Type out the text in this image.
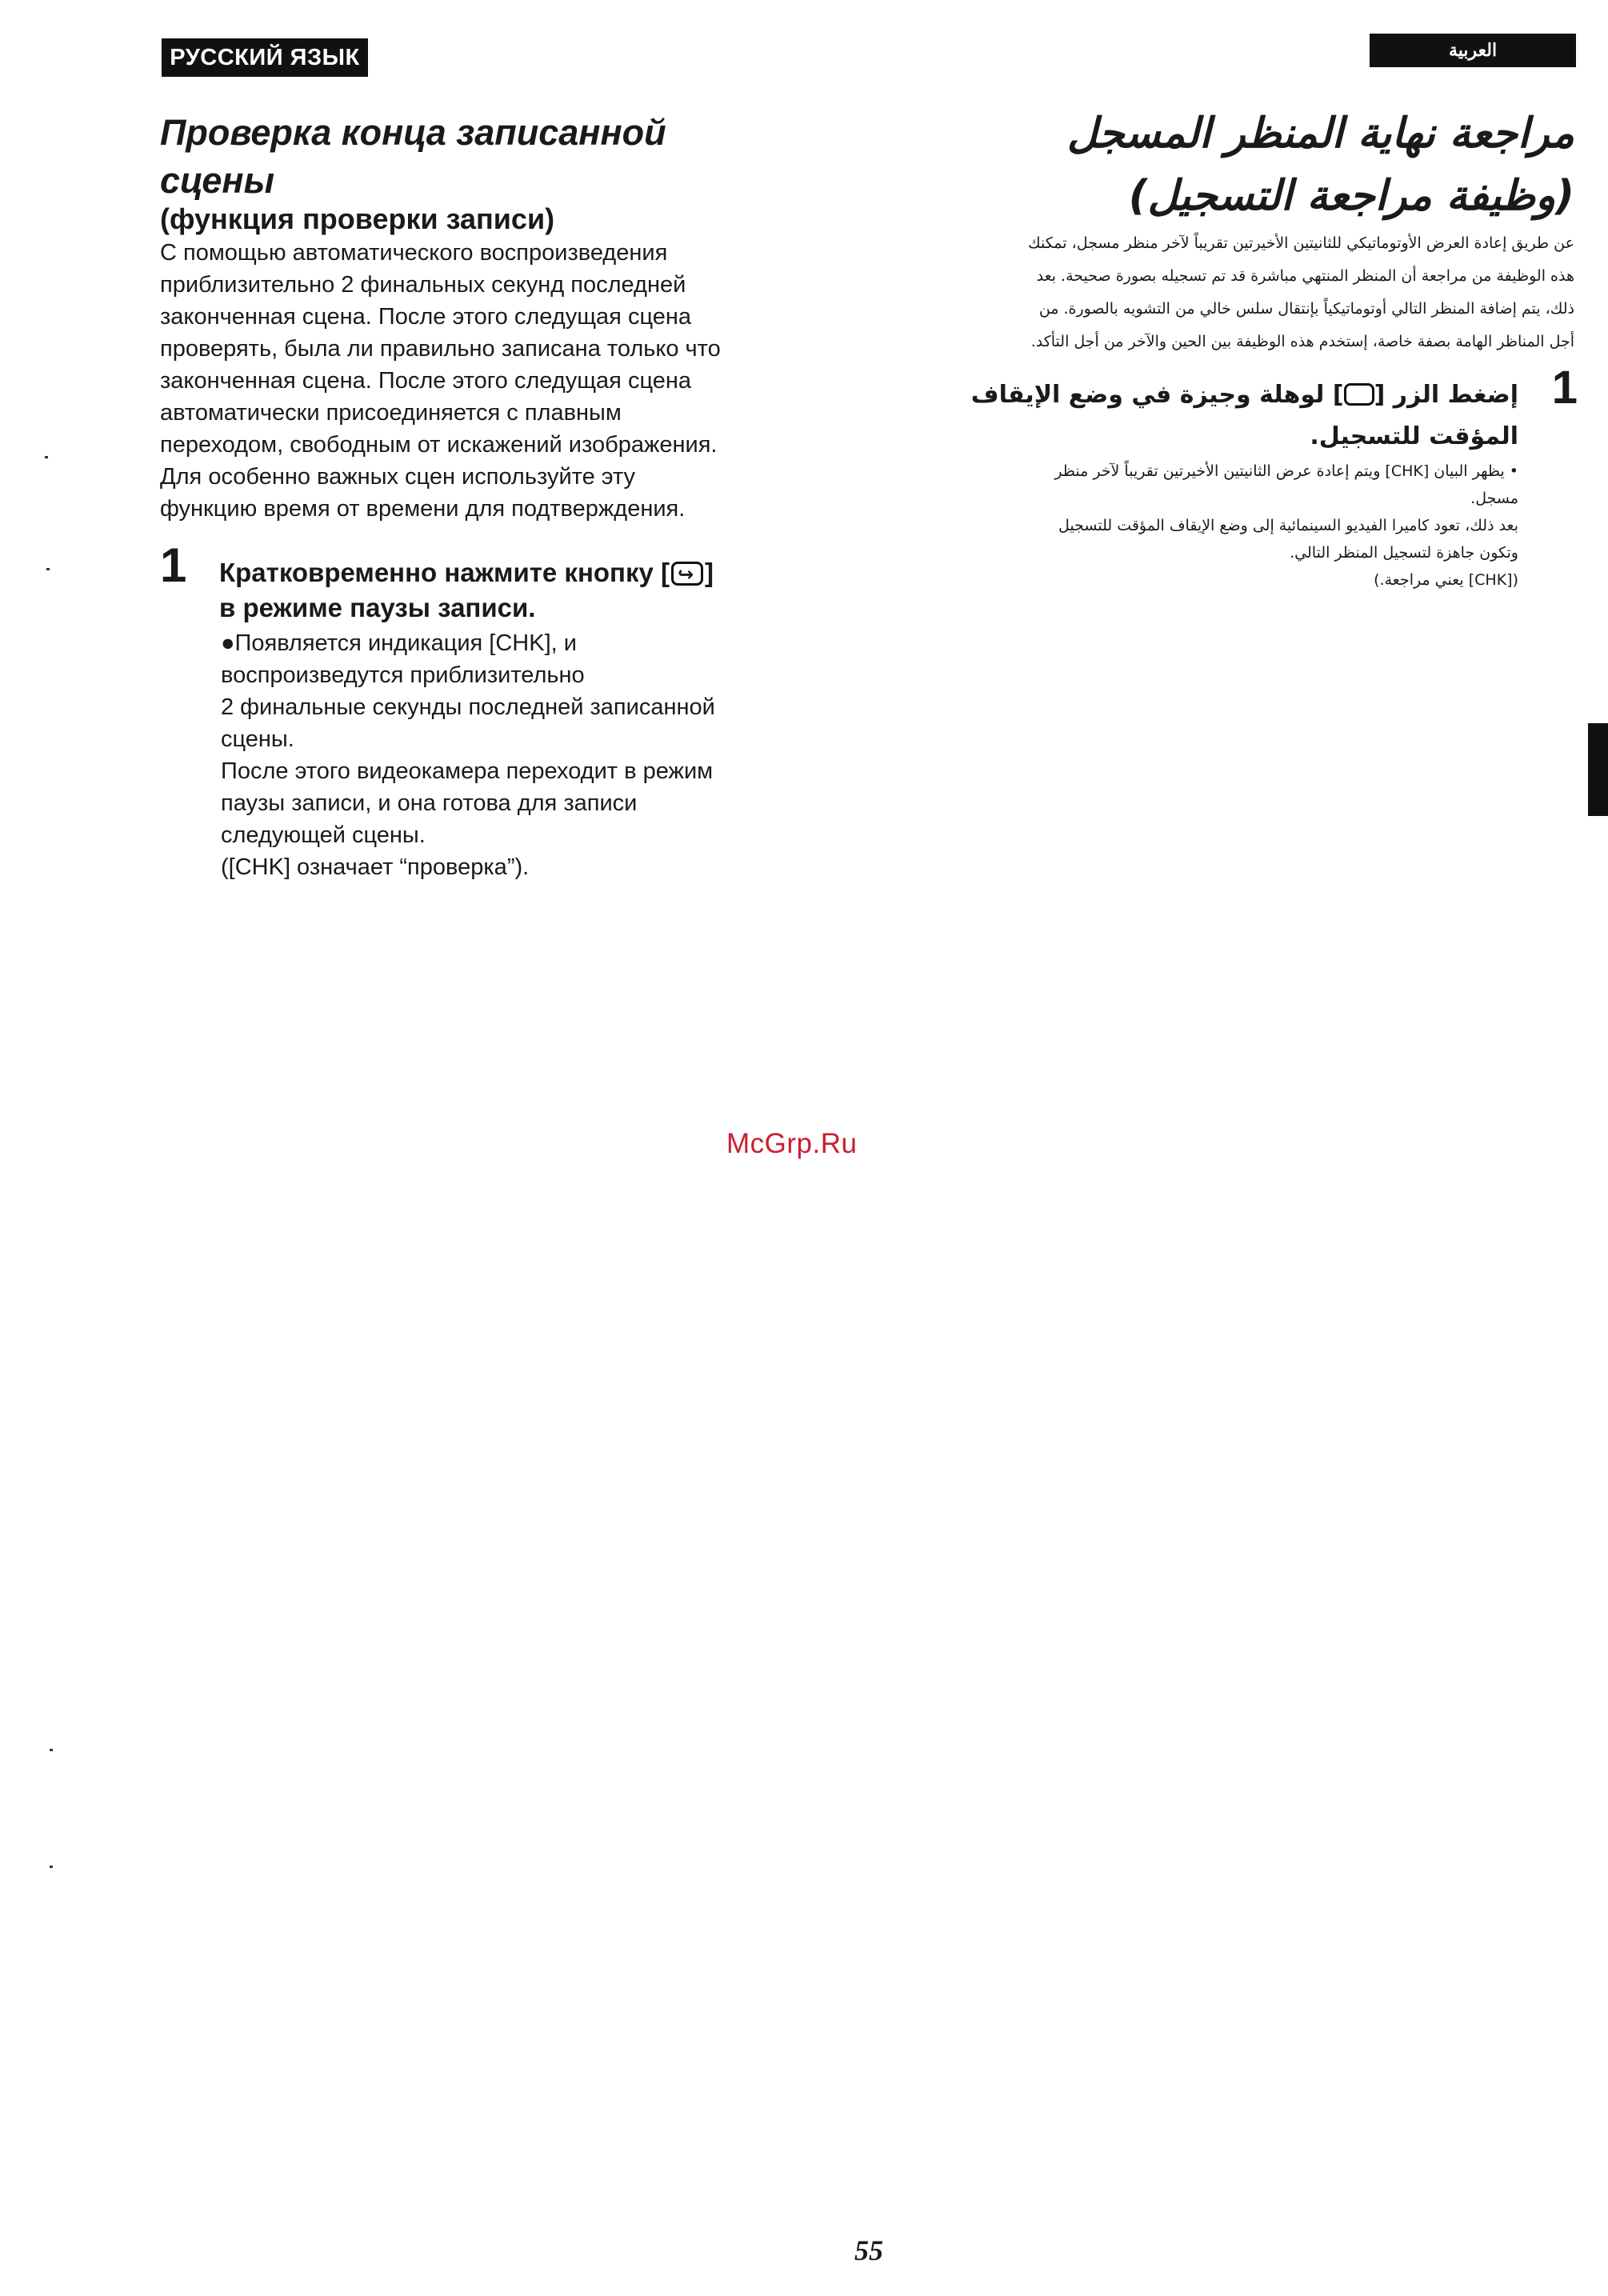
РУССКИЙ ЯЗЫК	العربية
Проверка конца записанной
сцены
(функция проверки записи)
С помощью автоматического воспроизведения
приблизительно 2 финальных секунд последней
законченная сцена. После этого следущая сцена
проверять, была ли правильно записана только что
законченная сцена. После этого следущая сцена
автоматически присоединяется с плавным
переходом, свободным от искажений изображения.
Для особенно важных сцен используйте эту
функцию время от времени для подтверждения.
1 Кратковременно нажмите кнопку [↪ ]
в режиме паузы записи.
●Появляется индикация [CHK], и
воспроизведутся приблизительно
2 финальные секунды последней записанной
сцены.
После этого видеокамера переходит в режим
паузы записи, и она готова для записи
следующей сцены.
([CHK] означает “проверка”).
مراجعة نهاية المنظر المسجل
(وظيفة مراجعة التسجيل)
عن طريق إعادة العرض الأوتوماتيكي للثانيتين الأخيرتين تقريباً لآخر منظر مسجل، تمكنك
هذه الوظيفة من مراجعة أن المنظر المنتهي مباشرة قد تم تسجيله بصورة صحيحة. بعد
ذلك، يتم إضافة المنظر التالي أوتوماتيكياً بإنتقال سلس خالي من التشويه بالصورة. من
أجل المناظر الهامة بصفة خاصة، إستخدم هذه الوظيفة بين الحين والآخر من أجل التأكد.
1
إضغط الزر [] لوهلة وجيزة في وضع الإيقاف
المؤقت للتسجيل.
• يظهر البيان [CHK] ويتم إعادة عرض الثانيتين الأخيرتين تقريباً لآخر منظر
مسجل.
بعد ذلك، تعود كاميرا الفيديو السينمائية إلى وضع الإيقاف المؤقت للتسجيل
وتكون جاهزة لتسجيل المنظر التالي.
([CHK] يعني مراجعة.)
McGrp.Ru
55
